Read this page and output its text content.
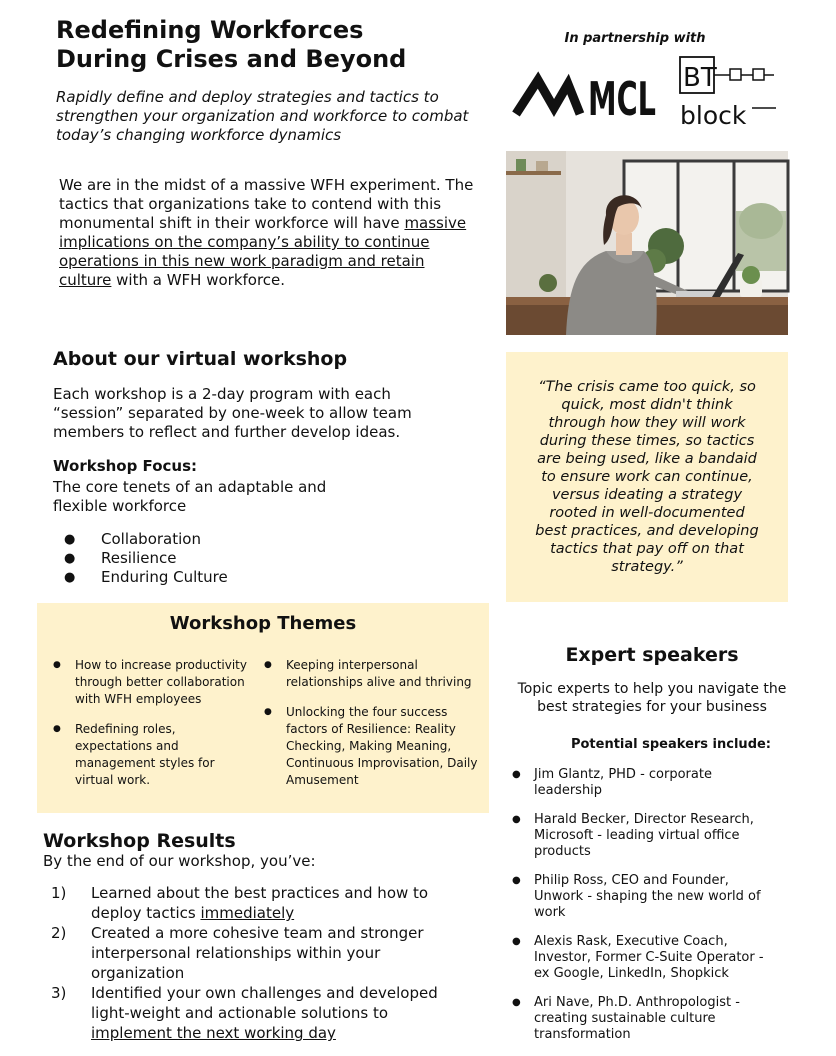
Redefining Workforces
During Crises and Beyond

Rapidly define and deploy strategies and tactics to strengthen your organization and workforce to combat today’s changing workforce dynamics

We are in the midst of a massive WFH experiment. The tactics that organizations take to contend with this monumental shift in their workforce will have massive implications on the company’s ability to continue operations in this new work paradigm and retain culture with a WFH workforce.

In partnership with
MCL BT
block
About our virtual workshop

Each workshop is a 2-day program with each “session” separated by one-week to allow team members to reflect and further develop ideas.

Workshop Focus:

The core tenets of an adaptable and flexible workforce

● Collaboration
● Resilience
● Enduring Culture

“The crisis came too quick, so quick, most didn't think through how they will work during these times, so tactics are being used, like a bandaid to ensure work can continue, versus ideating a strategy rooted in well-documented best practices, and developing tactics that pay off on that strategy.”

Workshop Themes
● How to increase productivity through better collaboration with WFH employees
● Redefining roles, expectations and management styles for virtual work.
● Keeping interpersonal relationships alive and thriving
● Unlocking the four success factors of Resilience: Reality Checking, Making Meaning, Continuous Improvisation, Daily Amusement
Workshop Results

By the end of our workshop, you’ve:

1) Learned about the best practices and how to deploy tactics immediately
2) Created a more cohesive team and stronger interpersonal relationships within your organization
3) Identified your own challenges and developed light-weight and actionable solutions to implement the next working day
Expert speakers

Topic experts to help you navigate the best strategies for your business

Potential speakers include:
● Jim Glantz, PHD - corporate leadership
● Harald Becker, Director Research, Microsoft - leading virtual office products
● Philip Ross, CEO and Founder, Unwork - shaping the new world of work
● Alexis Rask, Executive Coach, Investor, Former C-Suite Operator - ex Google, LinkedIn, Shopkick
● Ari Nave, Ph.D. Anthropologist - creating sustainable culture transformation
